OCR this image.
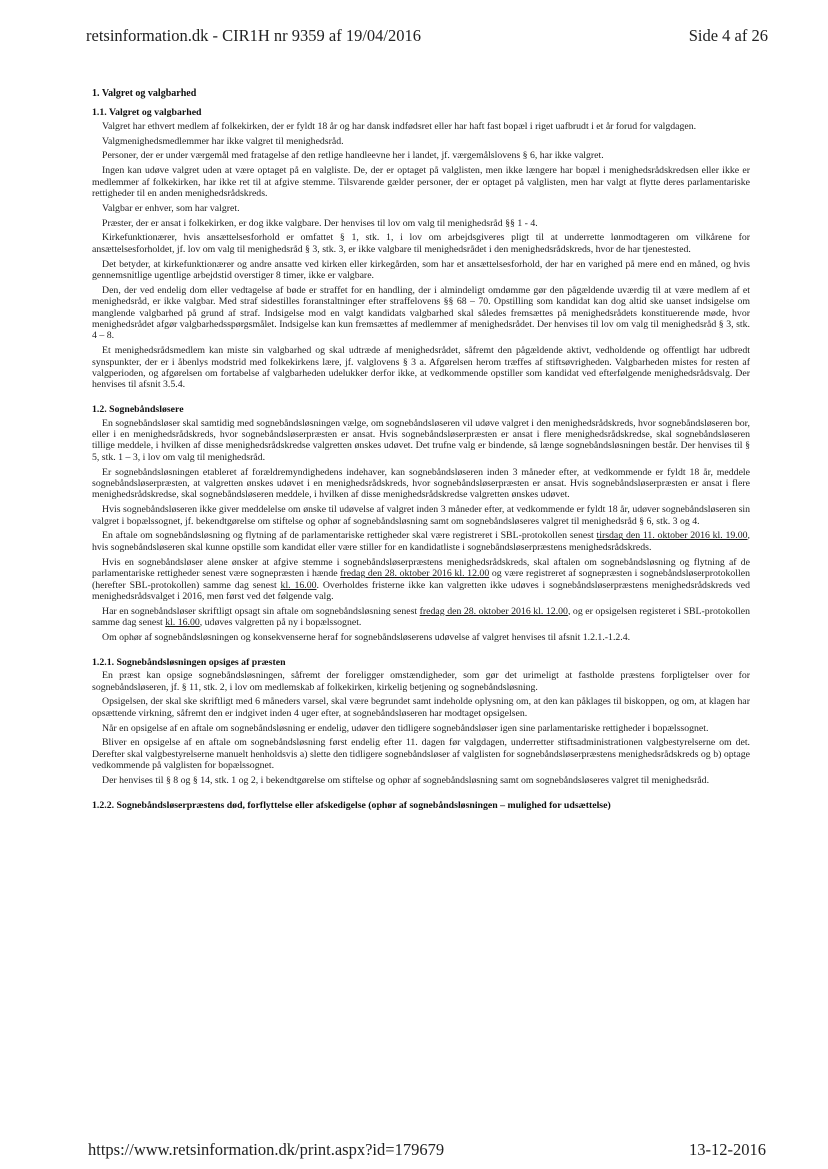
retsinformation.dk - CIR1H nr 9359 af 19/04/2016	Side 4 af 26
1. Valgret og valgbarhed
1.1. Valgret og valgbarhed

Valgret har ethvert medlem af folkekirken, der er fyldt 18 år og har dansk indfødsret eller har haft fast bopæl i riget uafbrudt i et år forud for valgdagen.

Valgmenighedsmedlemmer har ikke valgret til menighedsråd.

Personer, der er under værgemål med fratagelse af den retlige handleevne her i landet, jf. værgemålslovens § 6, har ikke valgret.

Ingen kan udøve valgret uden at være optaget på en valgliste. De, der er optaget på valglisten, men ikke længere har bopæl i menighedsrådskredsen eller ikke er medlemmer af folkekirken, har ikke ret til at afgive stemme. Tilsvarende gælder personer, der er optaget på valglisten, men har valgt at flytte deres parlamentariske rettigheder til en anden menighedsrådskreds.

Valgbar er enhver, som har valgret.

Præster, der er ansat i folkekirken, er dog ikke valgbare. Der henvises til lov om valg til menighedsråd §§ 1 - 4.

Kirkefunktionærer, hvis ansættelsesforhold er omfattet § 1, stk. 1, i lov om arbejdsgiveres pligt til at underrette lønmodtageren om vilkårene for ansættelsesforholdet, jf. lov om valg til menighedsråd § 3, stk. 3, er ikke valgbare til menighedsrådet i den menighedsrådskreds, hvor de har tjenestested.

Det betyder, at kirkefunktionærer og andre ansatte ved kirken eller kirkegården, som har et ansættelsesforhold, der har en varighed på mere end en måned, og hvis gennemsnitlige ugentlige arbejdstid overstiger 8 timer, ikke er valgbare.

Den, der ved endelig dom eller vedtagelse af bøde er straffet for en handling, der i almindeligt omdømme gør den pågældende uværdig til at være medlem af et menighedsråd, er ikke valgbar. Med straf sidestilles foranstaltninger efter straffelovens §§ 68 – 70. Opstilling som kandidat kan dog altid ske uanset indsigelse om manglende valgbarhed på grund af straf. Indsigelse mod en valgt kandidats valgbarhed skal således fremsættes på menighedsrådets konstituerende møde, hvor menighedsrådet afgør valgbarhedsspørgsmålet. Indsigelse kan kun fremsættes af medlemmer af menighedsrådet. Der henvises til lov om valg til menighedsråd § 3, stk. 4 – 8.

Et menighedsrådsmedlem kan miste sin valgbarhed og skal udtræde af menighedsrådet, såfremt den pågældende aktivt, vedholdende og offentligt har udbredt synspunkter, der er i åbenlys modstrid med folkekirkens lære, jf. valglovens § 3 a. Afgørelsen herom træffes af stiftsøvrigheden. Valgbarheden mistes for resten af valgperioden, og afgørelsen om fortabelse af valgbarheden udelukker derfor ikke, at vedkommende opstiller som kandidat ved efterfølgende menighedsrådsvalg. Der henvises til afsnit 3.5.4.

1.2. Sognebåndsløsere

En sognebåndsløser skal samtidig med sognebåndsløsningen vælge, om sognebåndsløseren vil udøve valgret i den menighedsrådskreds, hvor sognebåndsløseren bor, eller i en menighedsrådskreds, hvor sognebåndsløserpræsten er ansat. Hvis sognebåndsløserpræsten er ansat i flere menighedsrådskredse, skal sognebåndsløseren tillige meddele, i hvilken af disse menighedsrådskredse valgretten ønskes udøvet. Det trufne valg er bindende, så længe sognebåndsløsningen består. Der henvises til § 5, stk. 1 – 3, i lov om valg til menighedsråd.

Er sognebåndsløsningen etableret af forældremyndighedens indehaver, kan sognebåndsløseren inden 3 måneder efter, at vedkommende er fyldt 18 år, meddele sognebåndsløserpræsten, at valgretten ønskes udøvet i en menighedsrådskreds, hvor sognebåndsløserpræsten er ansat. Hvis sognebåndsløserpræsten er ansat i flere menighedsrådskredse, skal sognebåndsløseren meddele, i hvilken af disse menighedsrådskredse valgretten ønskes udøvet.

Hvis sognebåndsløseren ikke giver meddelelse om ønske til udøvelse af valgret inden 3 måneder efter, at vedkommende er fyldt 18 år, udøver sognebåndsløseren sin valgret i bopælssognet, jf. bekendtgørelse om stiftelse og ophør af sognebåndsløsning samt om sognebåndsløseres valgret til menighedsråd § 6, stk. 3 og 4.

En aftale om sognebåndsløsning og flytning af de parlamentariske rettigheder skal være registreret i SBL-protokollen senest tirsdag den 11. oktober 2016 kl. 19.00, hvis sognebåndsløseren skal kunne opstille som kandidat eller være stiller for en kandidatliste i sognebåndsløserpræstens menighedsrådskreds.

Hvis en sognebåndsløser alene ønsker at afgive stemme i sognebåndsløserpræstens menighedsrådskreds, skal aftalen om sognebåndsløsning og flytning af de parlamentariske rettigheder senest være sognepræsten i hænde fredag den 28. oktober 2016 kl. 12.00 og være registreret af sognepræsten i sognebåndsløserprotokollen (herefter SBL-protokollen) samme dag senest kl. 16.00. Overholdes fristerne ikke kan valgretten ikke udøves i sognebåndsløserpræstens menighedsrådskreds ved menighedsrådsvalget i 2016, men først ved det følgende valg.

Har en sognebåndsløser skriftligt opsagt sin aftale om sognebåndsløsning senest fredag den 28. oktober 2016 kl. 12.00, og er opsigelsen registeret i SBL-protokollen samme dag senest kl. 16.00, udøves valgretten på ny i bopælssognet.

Om ophør af sognebåndsløsningen og konsekvenserne heraf for sognebåndsløserens udøvelse af valgret henvises til afsnit 1.2.1.-1.2.4.

1.2.1. Sognebåndsløsningen opsiges af præsten

En præst kan opsige sognebåndsløsningen, såfremt der foreligger omstændigheder, som gør det urimeligt at fastholde præstens forpligtelser over for sognebåndsløseren, jf. § 11, stk. 2, i lov om medlemskab af folkekirken, kirkelig betjening og sognebåndsløsning.

Opsigelsen, der skal ske skriftligt med 6 måneders varsel, skal være begrundet samt indeholde oplysning om, at den kan påklages til biskoppen, og om, at klagen har opsættende virkning, såfremt den er indgivet inden 4 uger efter, at sognebåndsløseren har modtaget opsigelsen.

Når en opsigelse af en aftale om sognebåndsløsning er endelig, udøver den tidligere sognebåndsløser igen sine parlamentariske rettigheder i bopælssognet.

Bliver en opsigelse af en aftale om sognebåndsløsning først endelig efter 11. dagen før valgdagen, underretter stiftsadministrationen valgbestyrelserne om det. Derefter skal valgbestyrelserne manuelt henholdsvis a) slette den tidligere sognebåndsløser af valglisten for sognebåndsløserpræstens menighedsrådskreds og b) optage vedkommende på valglisten for bopælssognet.

Der henvises til § 8 og § 14, stk. 1 og 2, i bekendtgørelse om stiftelse og ophør af sognebåndsløsning samt om sognebåndsløseres valgret til menighedsråd.

1.2.2. Sognebåndsløserpræstens død, forflyttelse eller afskedigelse (ophør af sognebåndsløsningen – mulighed for udsættelse)
https://www.retsinformation.dk/print.aspx?id=179679	13-12-2016
